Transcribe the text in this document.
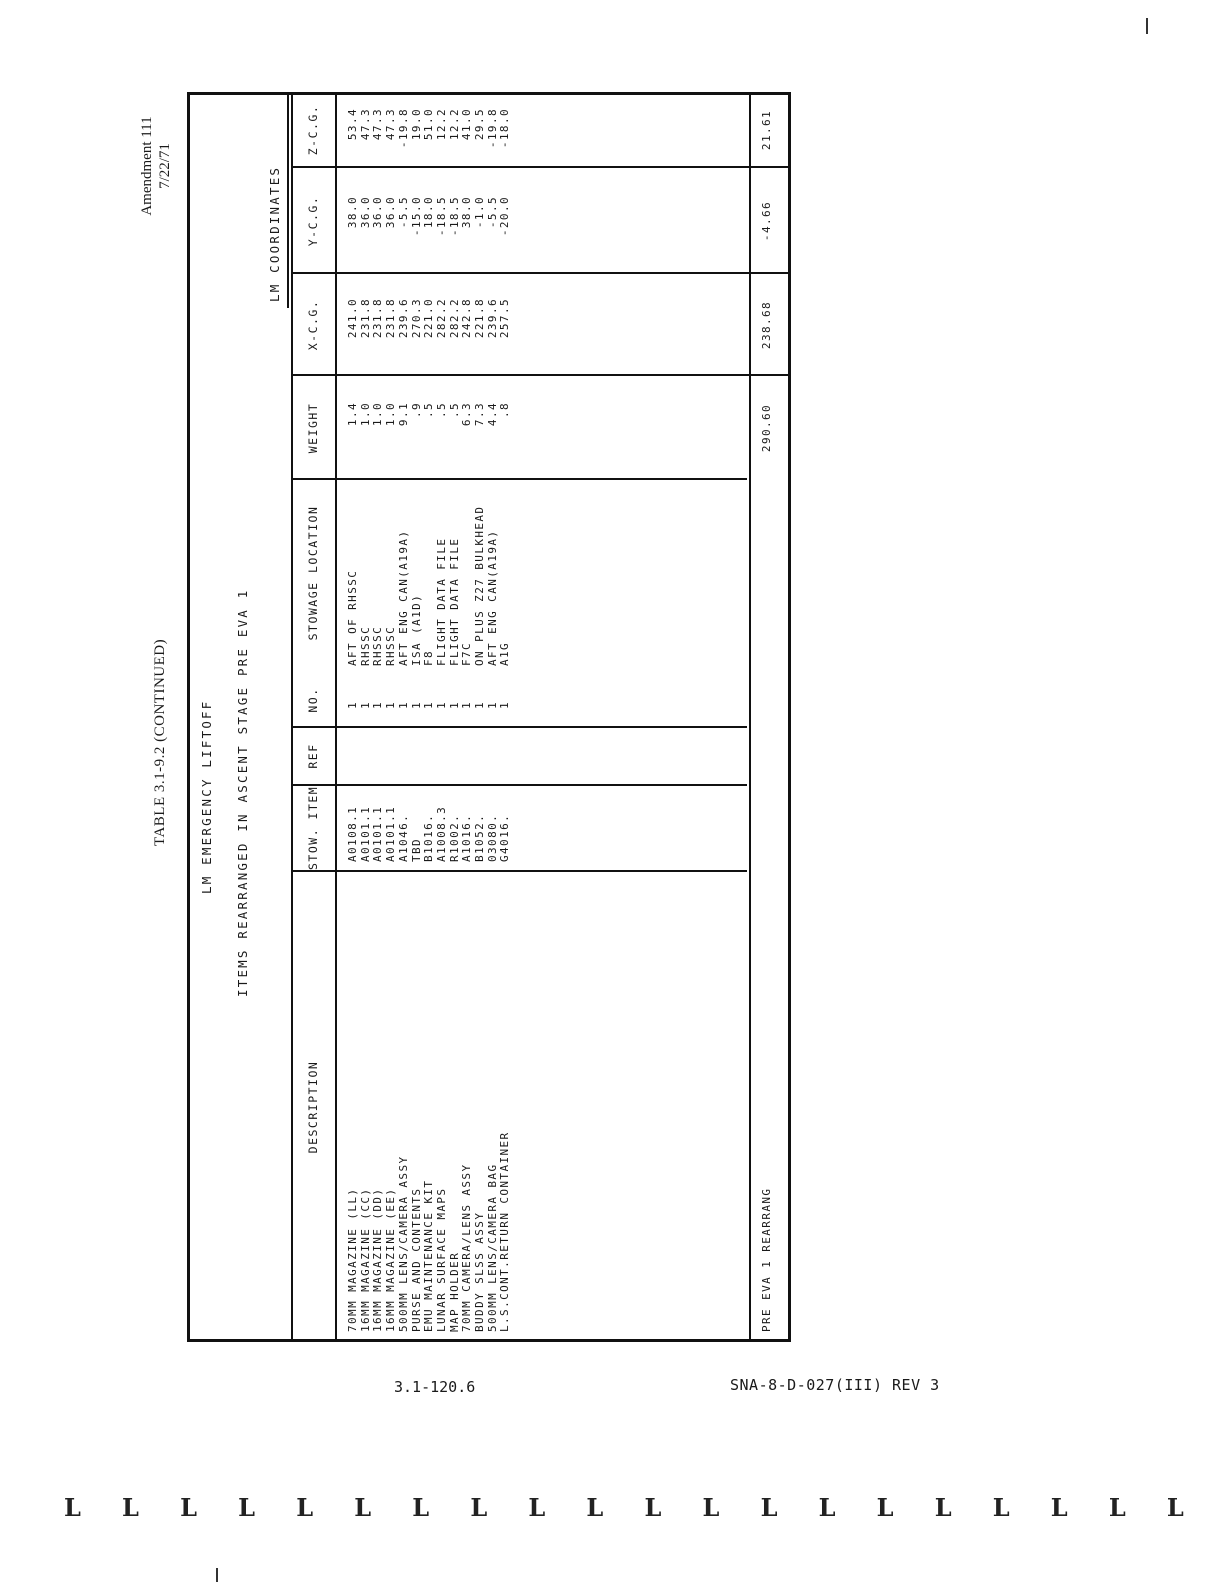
Amendment 111 7/22/71
TABLE 3.1-9.2 (CONTINUED)	LM EMERGENCY LIFTOFF ITEMS REARRANGED IN ASCENT STAGE PRE EVA 1
LM COORDINATES
DESCRIPTION
STOW. ITEM
REF
NO.
STOWAGE LOCATION
WEIGHT
X-C.G.
Y-C.G.
Z-C.G.
70MM MAGAZINE (LL)
A0108.1
1
AFT OF RHSSC
1.4
241.0
38.0
53.4
16MM MAGAZINE (CC)
A0101.1
1
RHSSC
1.0
231.8
36.0
47.3
16MM MAGAZINE (DD)
A0101.1
1
RHSSC
1.0
231.8
36.0
47.3
16MM MAGAZINE (EE)
A0101.1
1
RHSSC
1.0
231.8
36.0
47.3
500MM LENS/CAMERA ASSY
A1046.
1
AFT ENG CAN(A19A)
9.1
239.6
-5.5
-19.8
PURSE AND CONTENTS
TBD
1
ISA (A1D)
.9
270.3
-15.0
19.0
EMU MAINTENANCE KIT
B1016.
1
F8
.5
221.0
18.0
51.0
LUNAR SURFACE MAPS
A1008.3
1
FLIGHT DATA FILE
.5
282.2
-18.5
12.2
MAP HOLDER
R1002.
1
FLIGHT DATA FILE
.5
282.2
-18.5
12.2
70MM CAMERA/LENS ASSY
A1016.
1
F7C
6.3
242.8
38.0
41.0
BUDDY SLSS ASSY
B1052.
1
ON PLUS Z27 BULKHEAD
7.3
221.8
-1.0
29.5
500MM LENS/CAMERA BAG
03080.
1
AFT ENG CAN(A19A)
4.4
239.6
-5.5
-19.8
L.S.CONT.RETURN CONTAINER
G4016.
1
A1G
.8
257.5
-20.0
-18.0
PRE EVA 1 REARRANG
290.60
238.68
-4.66
21.61
3.1-120.6	SNA-8-D-027(III) REV 3
L L L L L L L L L L L L L L L L L L L L
